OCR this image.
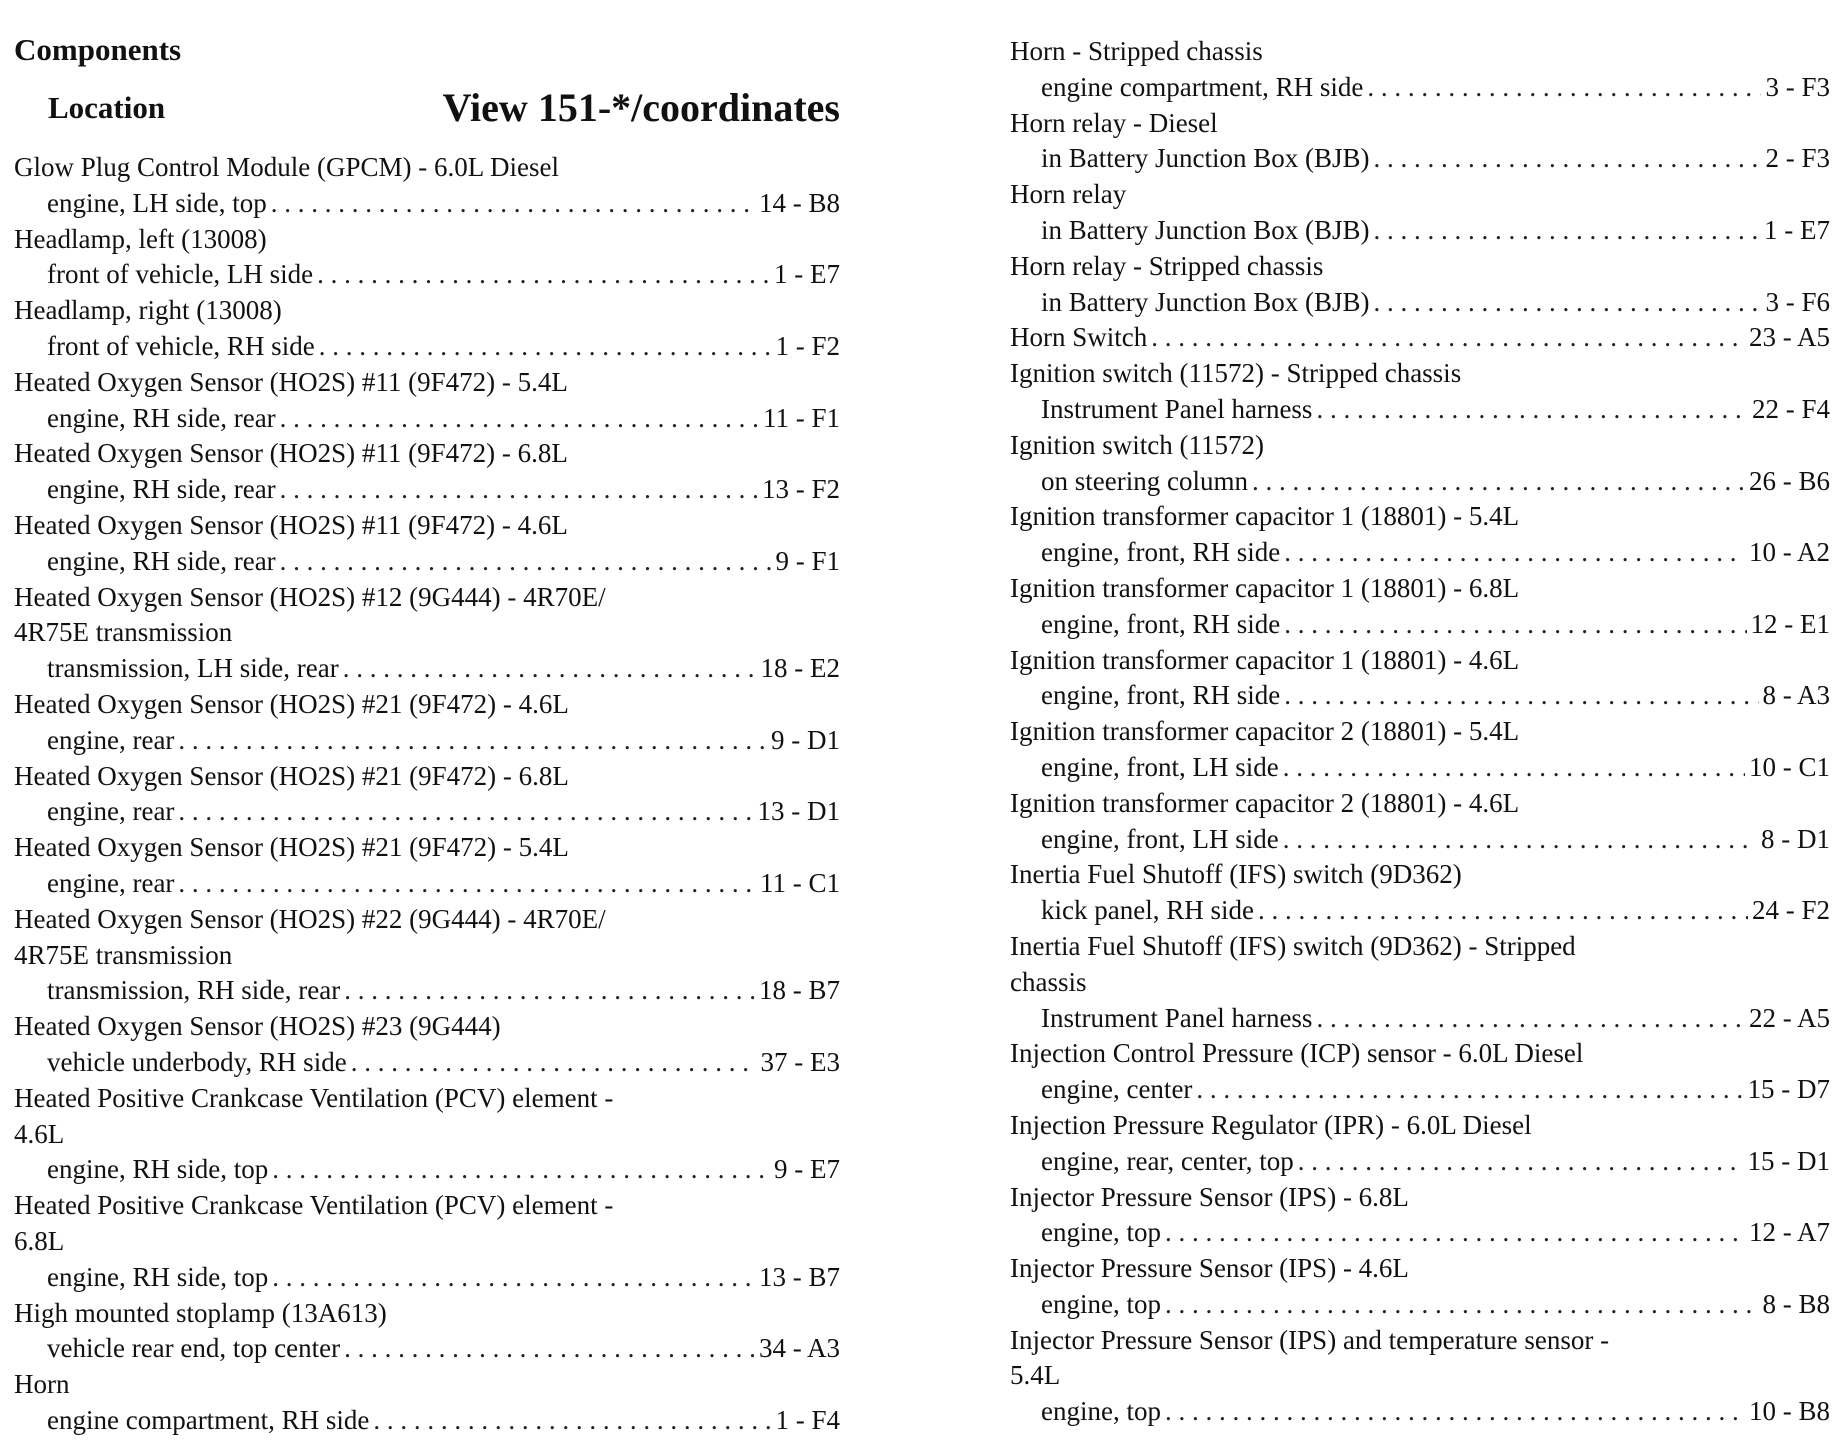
Components
Location	View 151-*/coordinates
Glow Plug Control Module (GPCM) - 6.0L Diesel
engine, LH side, top . . .	14 - B8
Headlamp, left (13008)
front of vehicle, LH side . . .	1 - E7
Headlamp, right (13008)
front of vehicle, RH side . . .	1 - F2
Heated Oxygen Sensor (HO2S) #11 (9F472) - 5.4L
engine, RH side, rear . . .	11 - F1
Heated Oxygen Sensor (HO2S) #11 (9F472) - 6.8L
engine, RH side, rear . . .	13 - F2
Heated Oxygen Sensor (HO2S) #11 (9F472) - 4.6L
engine, RH side, rear . . .	9 - F1
Heated Oxygen Sensor (HO2S) #12 (9G444) - 4R70E/
4R75E transmission
transmission, LH side, rear . . .	18 - E2
Heated Oxygen Sensor (HO2S) #21 (9F472) - 4.6L
engine, rear . . .	9 - D1
Heated Oxygen Sensor (HO2S) #21 (9F472) - 6.8L
engine, rear . . .	13 - D1
Heated Oxygen Sensor (HO2S) #21 (9F472) - 5.4L
engine, rear . . .	11 - C1
Heated Oxygen Sensor (HO2S) #22 (9G444) - 4R70E/
4R75E transmission
transmission, RH side, rear . . .	18 - B7
Heated Oxygen Sensor (HO2S) #23 (9G444)
vehicle underbody, RH side . . .	37 - E3
Heated Positive Crankcase Ventilation (PCV) element -
4.6L
engine, RH side, top . . .	9 - E7
Heated Positive Crankcase Ventilation (PCV) element -
6.8L
engine, RH side, top . . .	13 - B7
High mounted stoplamp (13A613)
vehicle rear end, top center . . .	34 - A3
Horn
engine compartment, RH side . . .	1 - F4
Horn - Stripped chassis
engine compartment, RH side . . .	3 - F3
Horn relay - Diesel
in Battery Junction Box (BJB) . . .	2 - F3
Horn relay
in Battery Junction Box (BJB) . . .	1 - E7
Horn relay - Stripped chassis
in Battery Junction Box (BJB) . . .	3 - F6
Horn Switch . . .	23 - A5
Ignition switch (11572) - Stripped chassis
Instrument Panel harness . . .	22 - F4
Ignition switch (11572)
on steering column . . .	26 - B6
Ignition transformer capacitor 1 (18801) - 5.4L
engine, front, RH side . . .	10 - A2
Ignition transformer capacitor 1 (18801) - 6.8L
engine, front, RH side . . .	12 - E1
Ignition transformer capacitor 1 (18801) - 4.6L
engine, front, RH side . . .	8 - A3
Ignition transformer capacitor 2 (18801) - 5.4L
engine, front, LH side . . .	10 - C1
Ignition transformer capacitor 2 (18801) - 4.6L
engine, front, LH side . . .	8 - D1
Inertia Fuel Shutoff (IFS) switch (9D362)
kick panel, RH side . . .	24 - F2
Inertia Fuel Shutoff (IFS) switch (9D362) - Stripped
chassis
Instrument Panel harness . . .	22 - A5
Injection Control Pressure (ICP) sensor - 6.0L Diesel
engine, center . . .	15 - D7
Injection Pressure Regulator (IPR) - 6.0L Diesel
engine, rear, center, top . . .	15 - D1
Injector Pressure Sensor (IPS) - 6.8L
engine, top . . .	12 - A7
Injector Pressure Sensor (IPS) - 4.6L
engine, top . . .	8 - B8
Injector Pressure Sensor (IPS) and temperature sensor -
5.4L
engine, top . . .	10 - B8
